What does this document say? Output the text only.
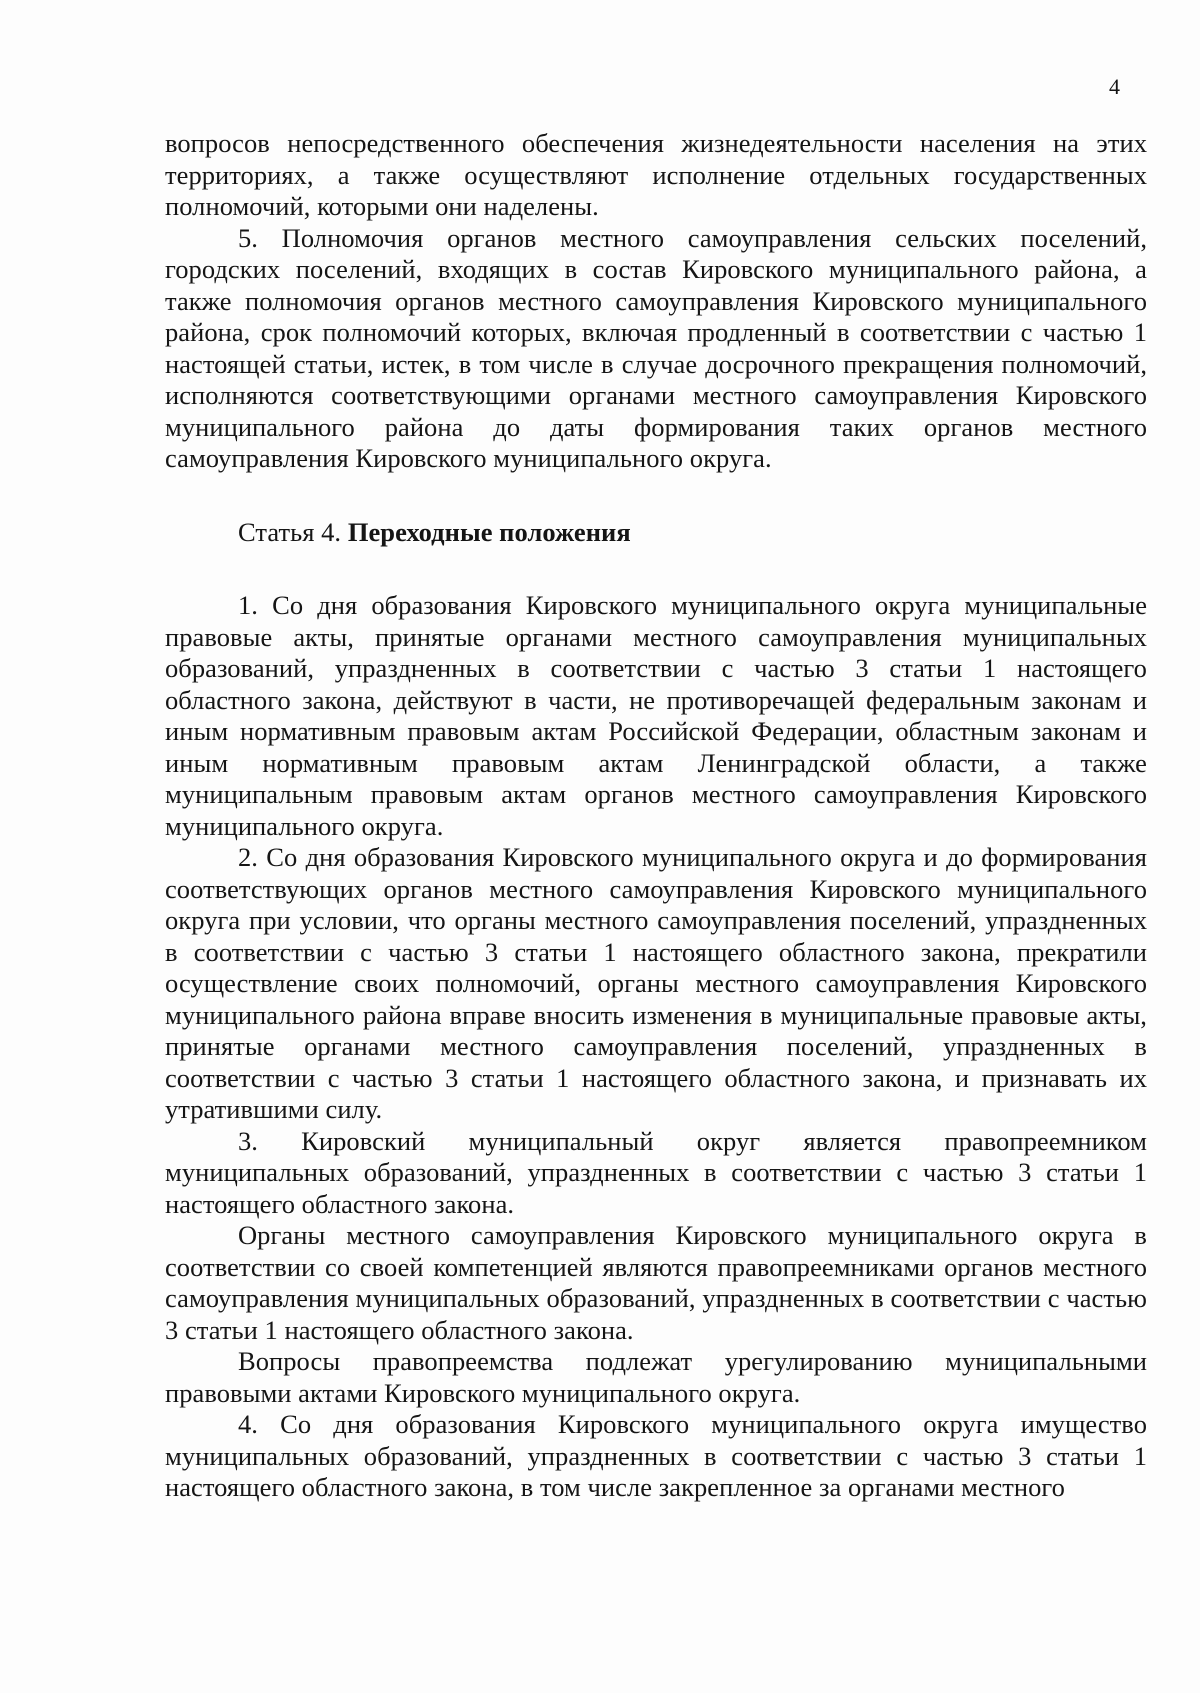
4

вопросов непосредственного обеспечения жизнедеятельности населения на этих территориях, а также осуществляют исполнение отдельных государственных полномочий, которыми они наделены.

5. Полномочия органов местного самоуправления сельских поселений, городских поселений, входящих в состав Кировского муниципального района, а также полномочия органов местного самоуправления Кировского муниципального района, срок полномочий которых, включая продленный в соответствии с частью 1 настоящей статьи, истек, в том числе в случае досрочного прекращения полномочий, исполняются соответствующими органами местного самоуправления Кировского муниципального района до даты формирования таких органов местного самоуправления Кировского муниципального округа.

Статья 4. Переходные положения

1. Со дня образования Кировского муниципального округа муниципальные правовые акты, принятые органами местного самоуправления муниципальных образований, упраздненных в соответствии с частью 3 статьи 1 настоящего областного закона, действуют в части, не противоречащей федеральным законам и иным нормативным правовым актам Российской Федерации, областным законам и иным нормативным правовым актам Ленинградской области, а также муниципальным правовым актам органов местного самоуправления Кировского муниципального округа.

2. Со дня образования Кировского муниципального округа и до формирования соответствующих органов местного самоуправления Кировского муниципального округа при условии, что органы местного самоуправления поселений, упраздненных в соответствии с частью 3 статьи 1 настоящего областного закона, прекратили осуществление своих полномочий, органы местного самоуправления Кировского муниципального района вправе вносить изменения в муниципальные правовые акты, принятые органами местного самоуправления поселений, упраздненных в соответствии с частью 3 статьи 1 настоящего областного закона, и признавать их утратившими силу.

3. Кировский муниципальный округ является правопреемником муниципальных образований, упраздненных в соответствии с частью 3 статьи 1 настоящего областного закона.

Органы местного самоуправления Кировского муниципального округа в соответствии со своей компетенцией являются правопреемниками органов местного самоуправления муниципальных образований, упраздненных в соответствии с частью 3 статьи 1 настоящего областного закона.

Вопросы правопреемства подлежат урегулированию муниципальными правовыми актами Кировского муниципального округа.

4. Со дня образования Кировского муниципального округа имущество муниципальных образований, упраздненных в соответствии с частью 3 статьи 1 настоящего областного закона, в том числе закрепленное за органами местного
